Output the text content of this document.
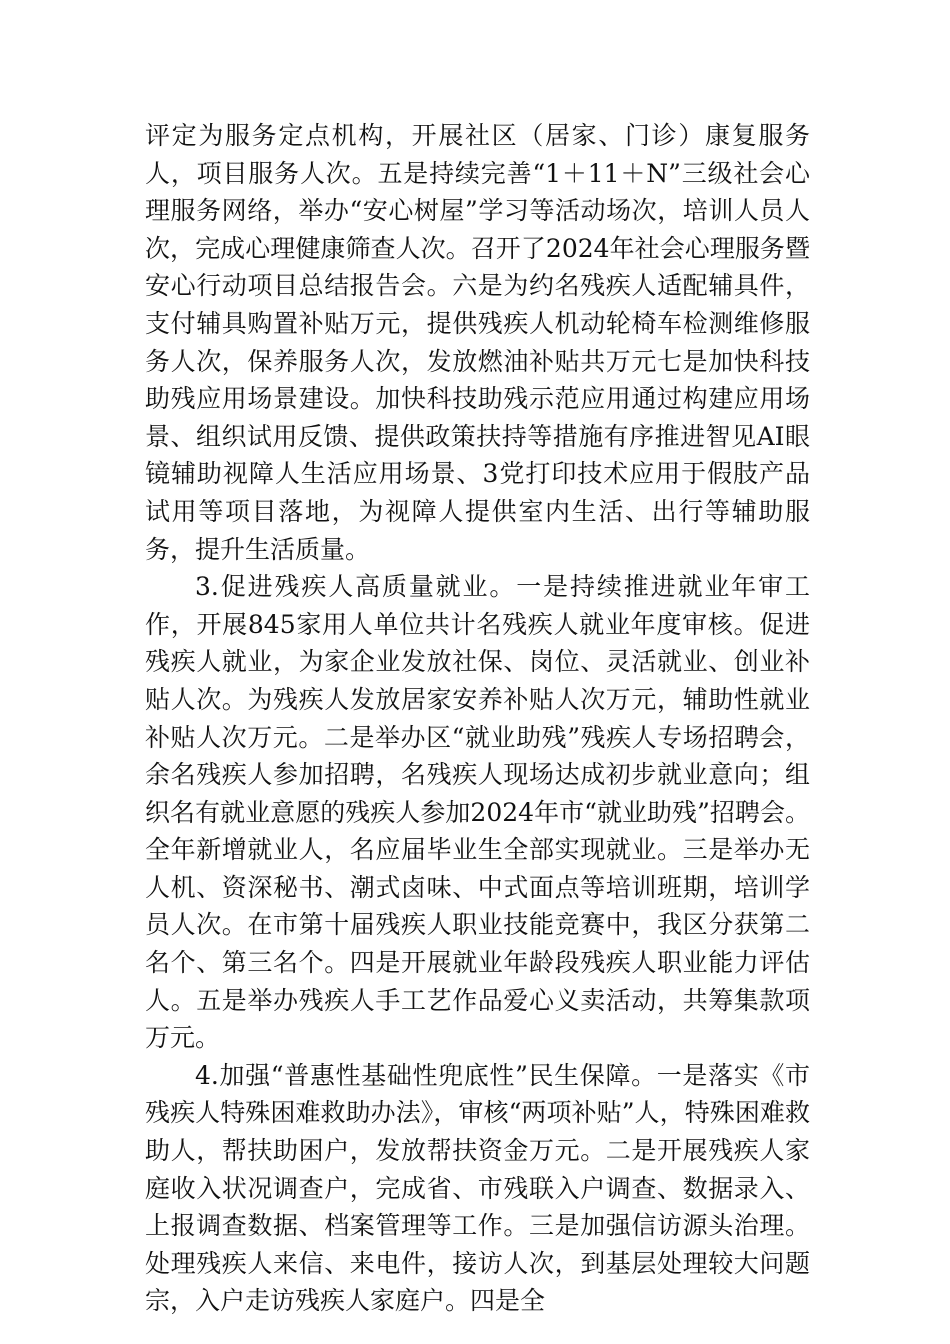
评定为服务定点机构，开展社区（居家、门诊）康复服务人，项目服务人次。五是持续完善“1＋11＋N”三级社会心理服务网络，举办“安心树屋”学习等活动场次，培训人员人次，完成心理健康筛查人次。召开了2024年社会心理服务暨安心行动项目总结报告会。六是为约名残疾人适配辅具件，支付辅具购置补贴万元，提供残疾人机动轮椅车检测维修服务人次，保养服务人次，发放燃油补贴共万元七是加快科技助残应用场景建设。加快科技助残示范应用通过构建应用场景、组织试用反馈、提供政策扶持等措施有序推进智见AI眼镜辅助视障人生活应用场景、3党打印技术应用于假肢产品试用等项目落地，为视障人提供室内生活、出行等辅助服务，提升生活质量。

3.促进残疾人高质量就业。一是持续推进就业年审工作，开展845家用人单位共计名残疾人就业年度审核。促进残疾人就业，为家企业发放社保、岗位、灵活就业、创业补贴人次。为残疾人发放居家安养补贴人次万元，辅助性就业补贴人次万元。二是举办区“就业助残”残疾人专场招聘会，余名残疾人参加招聘，名残疾人现场达成初步就业意向；组织名有就业意愿的残疾人参加2024年市“就业助残”招聘会。全年新增就业人，名应届毕业生全部实现就业。三是举办无人机、资深秘书、潮式卤味、中式面点等培训班期，培训学员人次。在市第十届残疾人职业技能竞赛中，我区分获第二名个、第三名个。四是开展就业年龄段残疾人职业能力评估人。五是举办残疾人手工艺作品爱心义卖活动，共筹集款项万元。

4.加强“普惠性基础性兜底性”民生保障。一是落实《市残疾人特殊困难救助办法》，审核“两项补贴”人，特殊困难救助人，帮扶助困户，发放帮扶资金万元。二是开展残疾人家庭收入状况调查户，完成省、市残联入户调查、数据录入、上报调查数据、档案管理等工作。三是加强信访源头治理。处理残疾人来信、来电件，接访人次，到基层处理较大问题宗，入户走访残疾人家庭户。四是全
